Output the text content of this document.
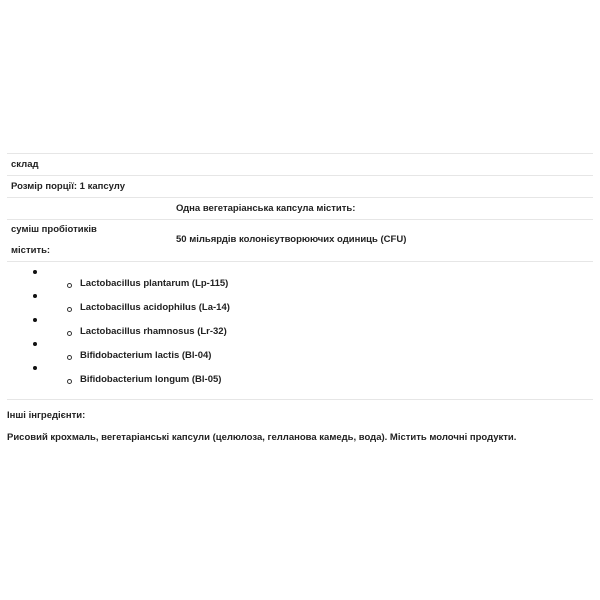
склад
Розмір порції: 1 капсулу
Одна вегетаріанська капсула містить:
суміш пробіотиків
містить:
50 мільярдів колонієутворюючих одиниць (CFU)
Lactobacillus plantarum (Lp-115)
Lactobacillus acidophilus (La-14)
Lactobacillus rhamnosus (Lr-32)
Bifidobacterium lactis (Bl-04)
Bifidobacterium longum (Bl-05)
Інші інгредієнти:
Рисовий крохмаль, вегетаріанські капсули (целюлоза, гелланова камедь, вода). Містить молочні продукти.
